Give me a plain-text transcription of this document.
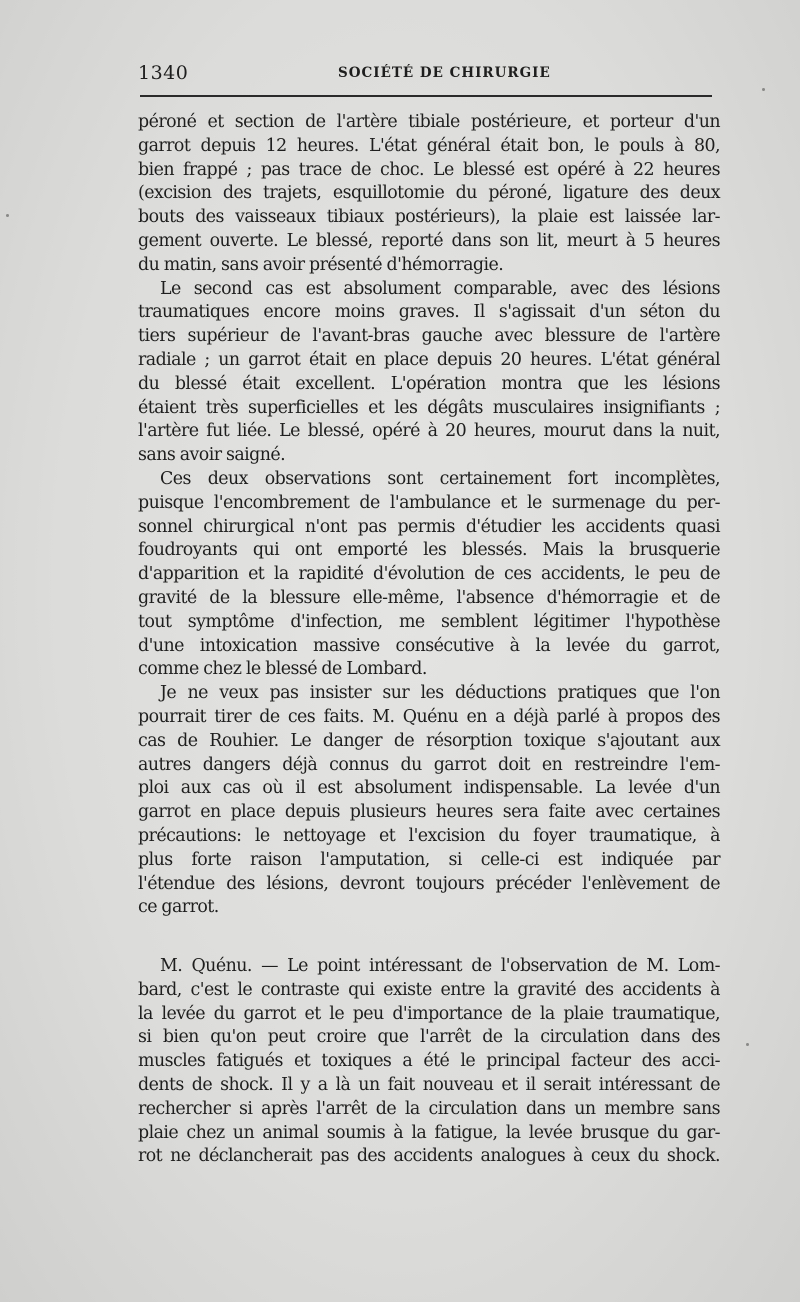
1340	SOCIÉTÉ DE CHIRURGIE
péroné et section de l'artère tibiale postérieure, et porteur d'un
garrot depuis 12 heures. L'état général était bon, le pouls à 80,
bien frappé ; pas trace de choc. Le blessé est opéré à 22 heures
(excision des trajets, esquillotomie du péroné, ligature des deux
bouts des vaisseaux tibiaux postérieurs), la plaie est laissée lar-
gement ouverte. Le blessé, reporté dans son lit, meurt à 5 heures
du matin, sans avoir présenté d'hémorragie.
Le second cas est absolument comparable, avec des lésions
traumatiques encore moins graves. Il s'agissait d'un séton du
tiers supérieur de l'avant-bras gauche avec blessure de l'artère
radiale ; un garrot était en place depuis 20 heures. L'état général
du blessé était excellent. L'opération montra que les lésions
étaient très superficielles et les dégâts musculaires insignifiants ;
l'artère fut liée. Le blessé, opéré à 20 heures, mourut dans la nuit,
sans avoir saigné.
Ces deux observations sont certainement fort incomplètes,
puisque l'encombrement de l'ambulance et le surmenage du per-
sonnel chirurgical n'ont pas permis d'étudier les accidents quasi
foudroyants qui ont emporté les blessés. Mais la brusquerie
d'apparition et la rapidité d'évolution de ces accidents, le peu de
gravité de la blessure elle-même, l'absence d'hémorragie et de
tout symptôme d'infection, me semblent légitimer l'hypothèse
d'une intoxication massive consécutive à la levée du garrot,
comme chez le blessé de Lombard.
Je ne veux pas insister sur les déductions pratiques que l'on
pourrait tirer de ces faits. M. Quénu en a déjà parlé à propos des
cas de Rouhier. Le danger de résorption toxique s'ajoutant aux
autres dangers déjà connus du garrot doit en restreindre l'em-
ploi aux cas où il est absolument indispensable. La levée d'un
garrot en place depuis plusieurs heures sera faite avec certaines
précautions: le nettoyage et l'excision du foyer traumatique, à
plus forte raison l'amputation, si celle-ci est indiquée par
l'étendue des lésions, devront toujours précéder l'enlèvement de
ce garrot.
M. Quénu. — Le point intéressant de l'observation de M. Lom-
bard, c'est le contraste qui existe entre la gravité des accidents à
la levée du garrot et le peu d'importance de la plaie traumatique,
si bien qu'on peut croire que l'arrêt de la circulation dans des
muscles fatigués et toxiques a été le principal facteur des acci-
dents de shock. Il y a là un fait nouveau et il serait intéressant de
rechercher si après l'arrêt de la circulation dans un membre sans
plaie chez un animal soumis à la fatigue, la levée brusque du gar-
rot ne déclancherait pas des accidents analogues à ceux du shock.
